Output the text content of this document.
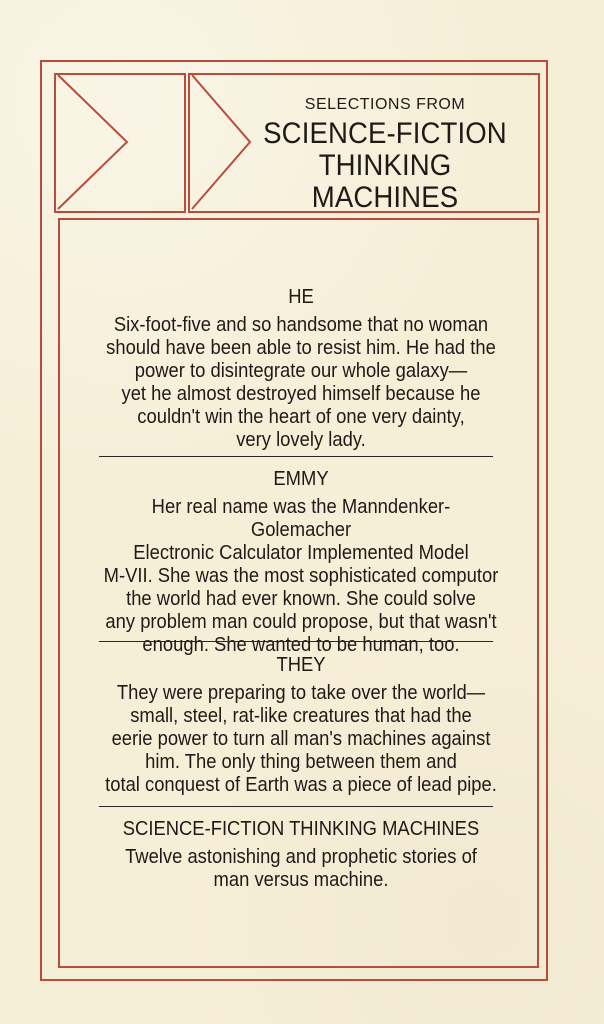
SELECTIONS FROM
SCIENCE-FICTION
THINKING MACHINES
HE
Six-foot-five and so handsome that no woman
should have been able to resist him. He had the
power to disintegrate our whole galaxy—
yet he almost destroyed himself because he
couldn't win the heart of one very dainty,
very lovely lady.
EMMY
Her real name was the Manndenker-Golemacher
Electronic Calculator Implemented Model
M-VII. She was the most sophisticated computor
the world had ever known. She could solve
any problem man could propose, but that wasn't
enough. She wanted to be human, too.
THEY
They were preparing to take over the world—
small, steel, rat-like creatures that had the
eerie power to turn all man's machines against
him. The only thing between them and
total conquest of Earth was a piece of lead pipe.
SCIENCE-FICTION THINKING MACHINES
Twelve astonishing and prophetic stories of
man versus machine.
